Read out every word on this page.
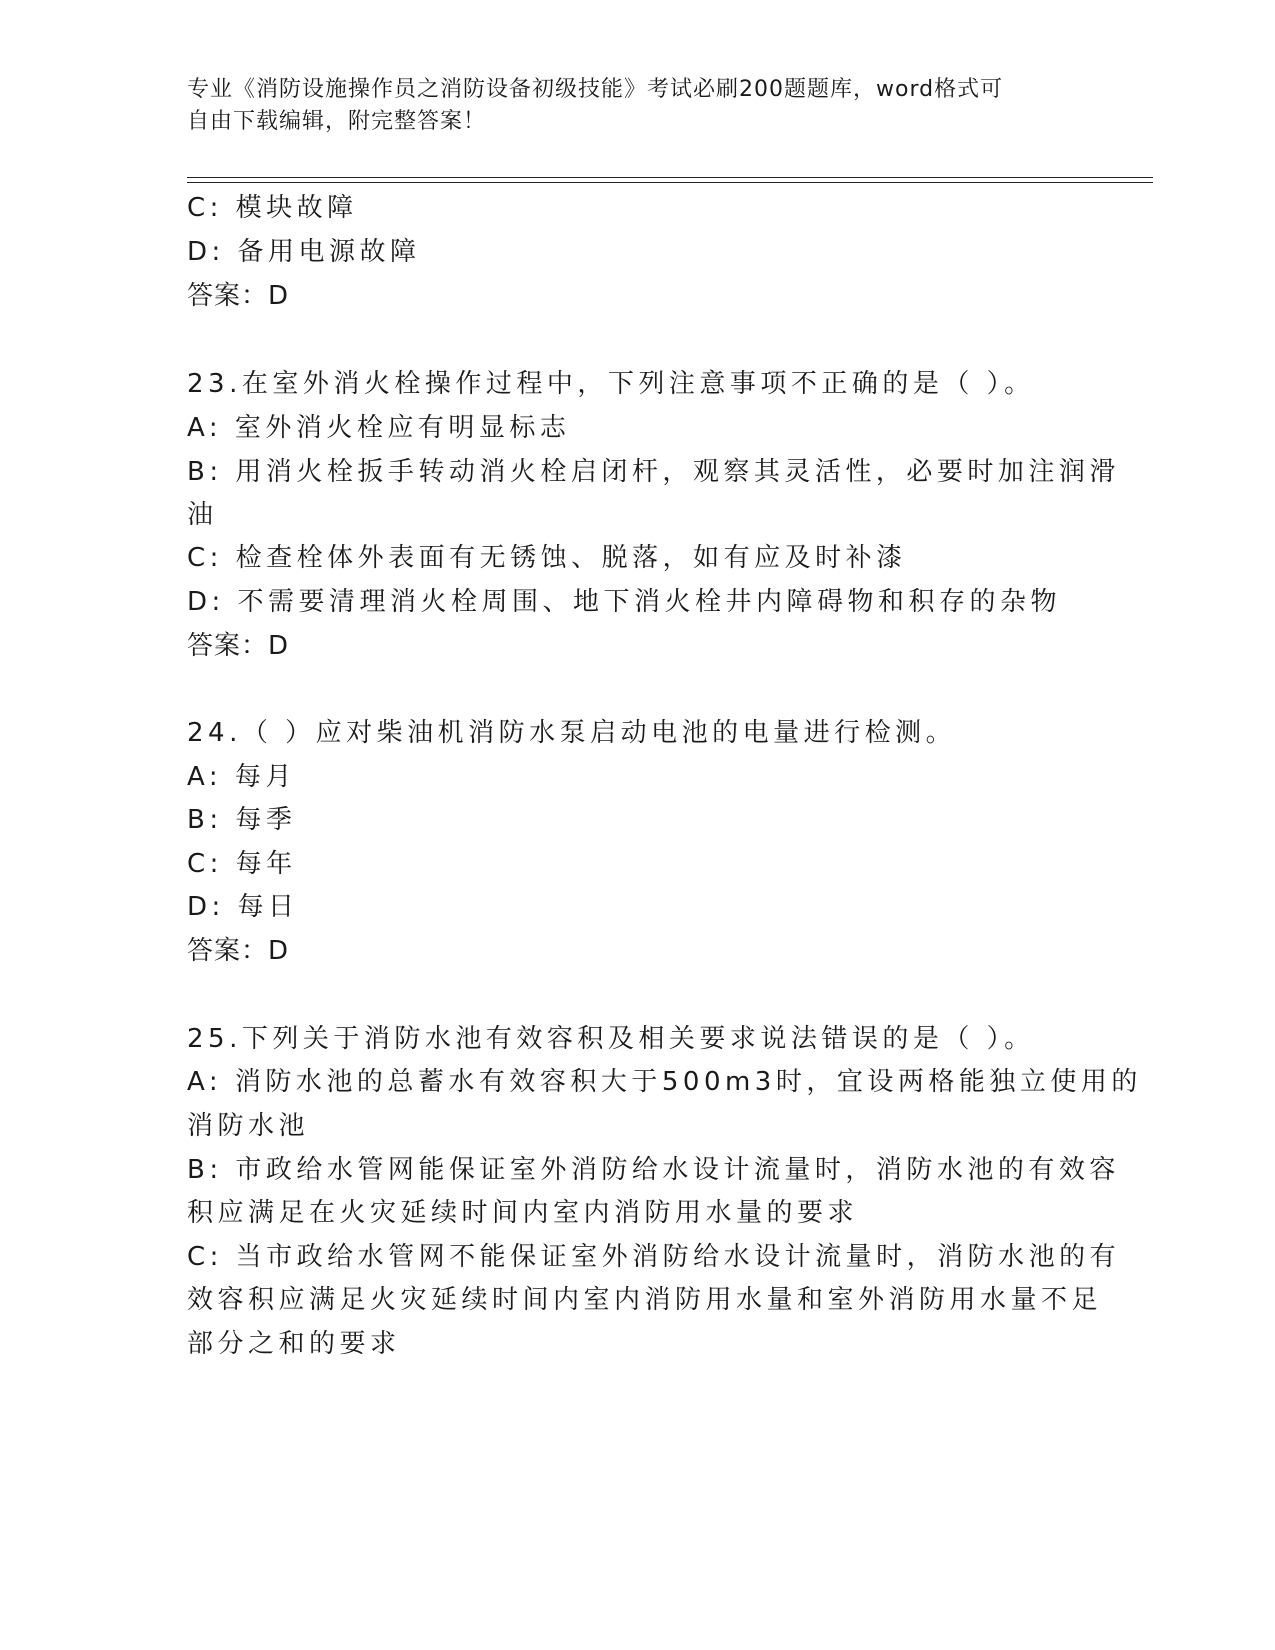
专业《消防设施操作员之消防设备初级技能》考试必刷200题题库，word格式可
自由下载编辑，附完整答案！
C: 模块故障
D: 备用电源故障
答案：D
23.在室外消火栓操作过程中，下列注意事项不正确的是（ ）。
A: 室外消火栓应有明显标志
B: 用消火栓扳手转动消火栓启闭杆，观察其灵活性，必要时加注润滑
油
C: 检查栓体外表面有无锈蚀、脱落，如有应及时补漆
D: 不需要清理消火栓周围、地下消火栓井内障碍物和积存的杂物
答案：D
24.（ ）应对柴油机消防水泵启动电池的电量进行检测。
A: 每月
B: 每季
C: 每年
D: 每日
答案：D
25.下列关于消防水池有效容积及相关要求说法错误的是（ ）。
A: 消防水池的总蓄水有效容积大于500m3时，宜设两格能独立使用的
消防水池
B: 市政给水管网能保证室外消防给水设计流量时，消防水池的有效容
积应满足在火灾延续时间内室内消防用水量的要求
C: 当市政给水管网不能保证室外消防给水设计流量时，消防水池的有
效容积应满足火灾延续时间内室内消防用水量和室外消防用水量不足
部分之和的要求
